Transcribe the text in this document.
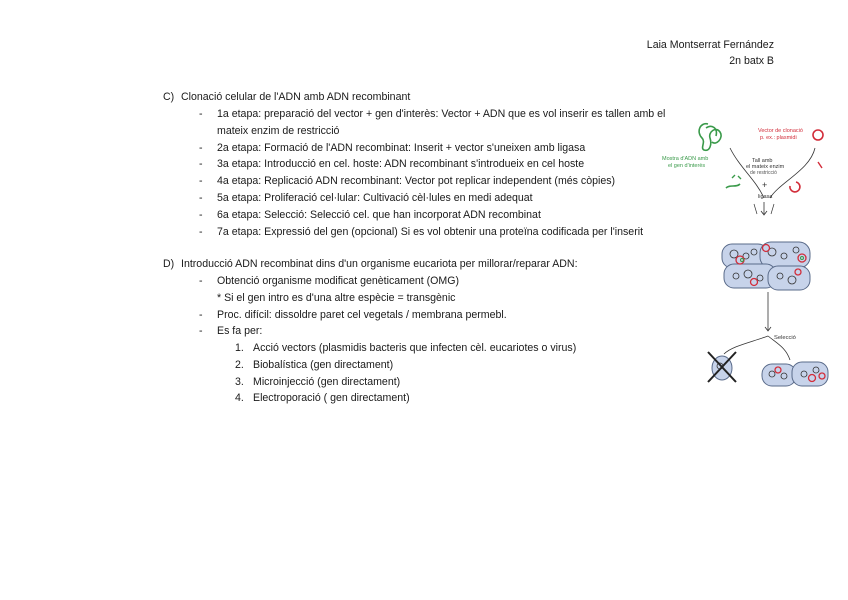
Laia Montserrat Fernández
2n batx B
C) Clonació celular de l'ADN amb ADN recombinant
- 1a etapa: preparació del vector + gen d'interès: Vector + ADN que es vol inserir es tallen amb el
mateix enzim de restricció
- 2a etapa: Formació de l'ADN recombinat: Inserit + vector s'uneixen amb ligasa
- 3a etapa: Introducció en cel. hoste: ADN recombinant s'introdueix en cel hoste
- 4a etapa: Replicació ADN recombinant: Vector pot replicar independent (més còpies)
- 5a etapa: Proliferació cel·lular: Cultivació cèl·lules en medi adequat
- 6a etapa: Selecció: Selecció cel. que han incorporat ADN recombinat
- 7a etapa: Expressió del gen (opcional) Si es vol obtenir una proteïna codificada per l'inserit
D) Introducció ADN recombinat dins d'un organisme eucariota per millorar/reparar ADN:
- Obtenció organisme modificat genèticament (OMG)
* Si el gen intro es d'una altre espècie = transgènic
- Proc. difícil: dissoldre paret cel vegetals / membrana permebl.
- Es fa per:
1. Acció vectors (plasmidis bacteris que infecten cèl. eucariotes o virus)
2. Biobalística (gen directament)
3. Microinjecció (gen directament)
4. Electroporació ( gen directament)
Mostra d'ADN amb
el gen d'interès
Vector de clonació
p. ex.: plasmidi
Tall amb
el mateix enzim
de restricció
+
ligasa
Selecció
